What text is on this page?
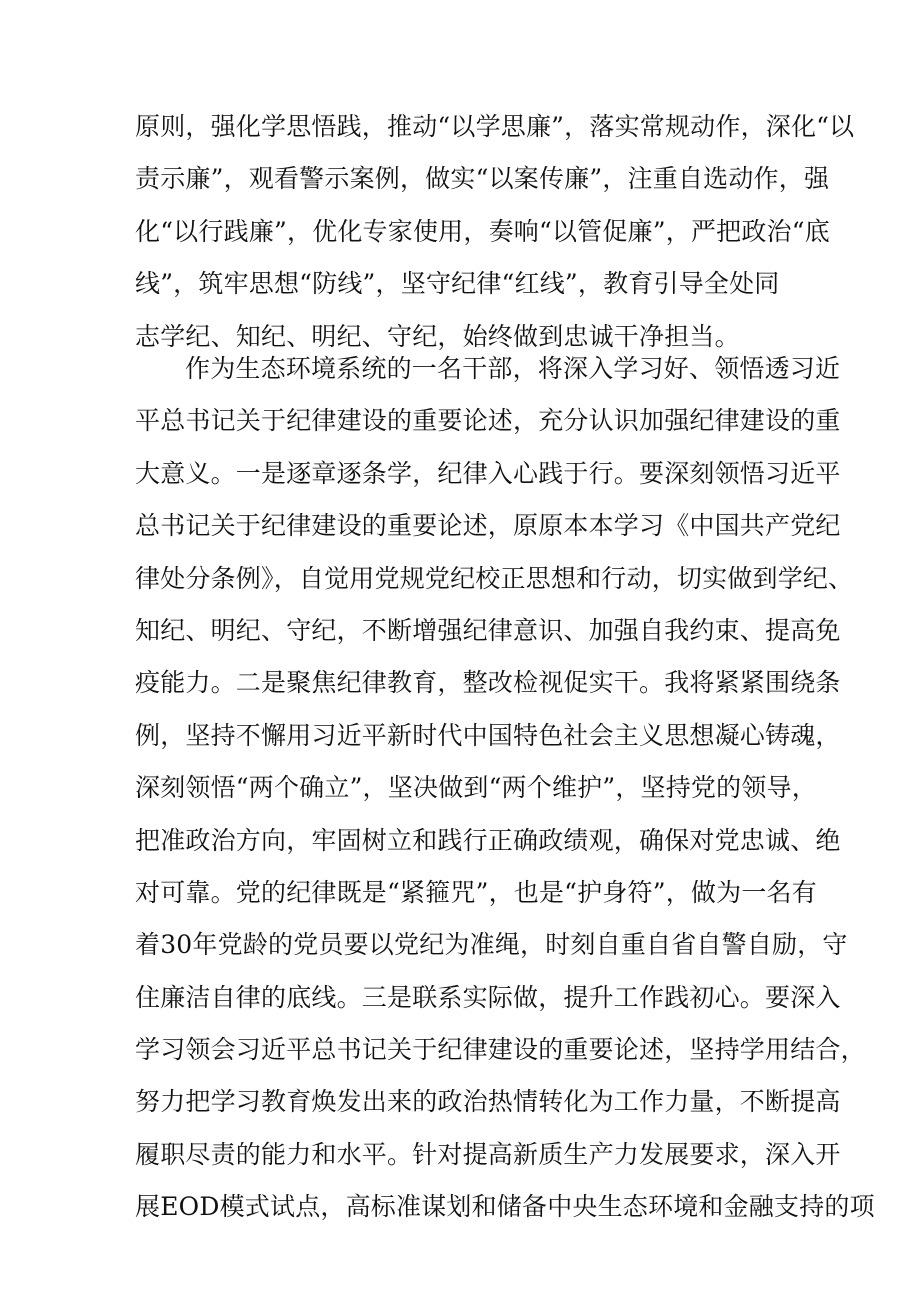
原则，强化学思悟践，推动“以学思廉”，落实常规动作，深化“以
责示廉”，观看警示案例，做实“以案传廉”，注重自选动作，强
化“以行践廉”，优化专家使用，奏响“以管促廉”，严把政治“底
线”，筑牢思想“防线”，坚守纪律“红线”，教育引导全处同
志学纪、知纪、明纪、守纪，始终做到忠诚干净担当。
作为生态环境系统的一名干部，将深入学习好、领悟透习近
平总书记关于纪律建设的重要论述，充分认识加强纪律建设的重
大意义。一是逐章逐条学，纪律入心践于行。要深刻领悟习近平
总书记关于纪律建设的重要论述，原原本本学习《中国共产党纪
律处分条例》，自觉用党规党纪校正思想和行动，切实做到学纪、
知纪、明纪、守纪，不断增强纪律意识、加强自我约束、提高免
疫能力。二是聚焦纪律教育，整改检视促实干。我将紧紧围绕条
例，坚持不懈用习近平新时代中国特色社会主义思想凝心铸魂，
深刻领悟“两个确立”，坚决做到“两个维护”，坚持党的领导，
把准政治方向，牢固树立和践行正确政绩观，确保对党忠诚、绝
对可靠。党的纪律既是“紧箍咒”，也是“护身符”，做为一名有
着30年党龄的党员要以党纪为准绳，时刻自重自省自警自励，守
住廉洁自律的底线。三是联系实际做，提升工作践初心。要深入
学习领会习近平总书记关于纪律建设的重要论述，坚持学用结合，
努力把学习教育焕发出来的政治热情转化为工作力量，不断提高
履职尽责的能力和水平。针对提高新质生产力发展要求，深入开
展EOD模式试点，高标准谋划和储备中央生态环境和金融支持的项
